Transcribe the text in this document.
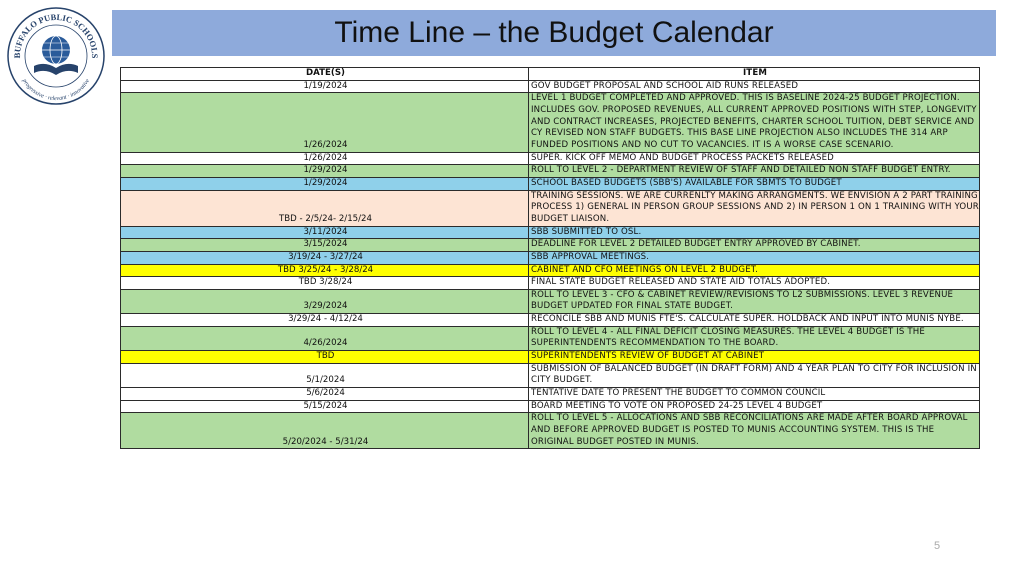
BUFFALO PUBLIC SCHOOLS
progressive · relevant · innovative
Time Line – the Budget Calendar
DATE(S)	ITEM
1/19/2024	GOV BUDGET PROPOSAL AND SCHOOL AID RUNS RELEASED
1/26/2024	LEVEL 1 BUDGET COMPLETED AND APPROVED. THIS IS BASELINE 2024-25 BUDGET PROJECTION. INCLUDES GOV. PROPOSED REVENUES, ALL CURRENT APPROVED POSITIONS WITH STEP, LONGEVITY AND CONTRACT INCREASES, PROJECTED BENEFITS, CHARTER SCHOOL TUITION, DEBT SERVICE AND CY REVISED NON STAFF BUDGETS. THIS BASE LINE PROJECTION ALSO INCLUDES THE 314 ARP FUNDED POSITIONS AND NO CUT TO VACANCIES. IT IS A WORSE CASE SCENARIO.
1/26/2024	SUPER. KICK OFF MEMO AND BUDGET PROCESS PACKETS RELEASED
1/29/2024	ROLL TO LEVEL 2 - DEPARTMENT REVIEW OF STAFF AND DETAILED NON STAFF BUDGET ENTRY.
1/29/2024	SCHOOL BASED BUDGETS (SBB'S) AVAILABLE FOR SBMTS TO BUDGET
TBD - 2/5/24- 2/15/24	TRAINING SESSIONS. WE ARE CURRENLTY MAKING ARRANGMENTS. WE ENVISION A 2 PART TRAINING PROCESS 1) GENERAL IN PERSON GROUP SESSIONS AND 2) IN PERSON 1 ON 1 TRAINING WITH YOUR BUDGET LIAISON.
3/11/2024	SBB SUBMITTED TO OSL.
3/15/2024	DEADLINE FOR LEVEL 2 DETAILED BUDGET ENTRY APPROVED BY CABINET.
3/19/24 - 3/27/24	SBB APPROVAL MEETINGS.
TBD 3/25/24 - 3/28/24	CABINET AND CFO MEETINGS ON LEVEL 2 BUDGET.
TBD 3/28/24	FINAL STATE BUDGET RELEASED AND STATE AID TOTALS ADOPTED.
3/29/2024	ROLL TO LEVEL 3 - CFO & CABINET REVIEW/REVISIONS TO L2 SUBMISSIONS. LEVEL 3 REVENUE BUDGET UPDATED FOR FINAL STATE BUDGET.
3/29/24 - 4/12/24	RECONCILE SBB AND MUNIS FTE'S. CALCULATE SUPER. HOLDBACK AND INPUT INTO MUNIS NYBE.
4/26/2024	ROLL TO LEVEL 4 - ALL FINAL DEFICIT CLOSING MEASURES. THE LEVEL 4 BUDGET IS THE SUPERINTENDENTS RECOMMENDATION TO THE BOARD.
TBD	SUPERINTENDENTS REVIEW OF BUDGET AT CABINET
5/1/2024	SUBMISSION OF BALANCED BUDGET (IN DRAFT FORM) AND 4 YEAR PLAN TO CITY FOR INCLUSION IN CITY BUDGET.
5/6/2024	TENTATIVE DATE TO PRESENT THE BUDGET TO COMMON COUNCIL
5/15/2024	BOARD MEETING TO VOTE ON PROPOSED 24-25 LEVEL 4 BUDGET
5/20/2024 - 5/31/24	ROLL TO LEVEL 5 - ALLOCATIONS AND SBB RECONCILIATIONS ARE MADE AFTER BOARD APPROVAL AND BEFORE APPROVED BUDGET IS POSTED TO MUNIS ACCOUNTING SYSTEM. THIS IS THE ORIGINAL BUDGET POSTED IN MUNIS.
5
